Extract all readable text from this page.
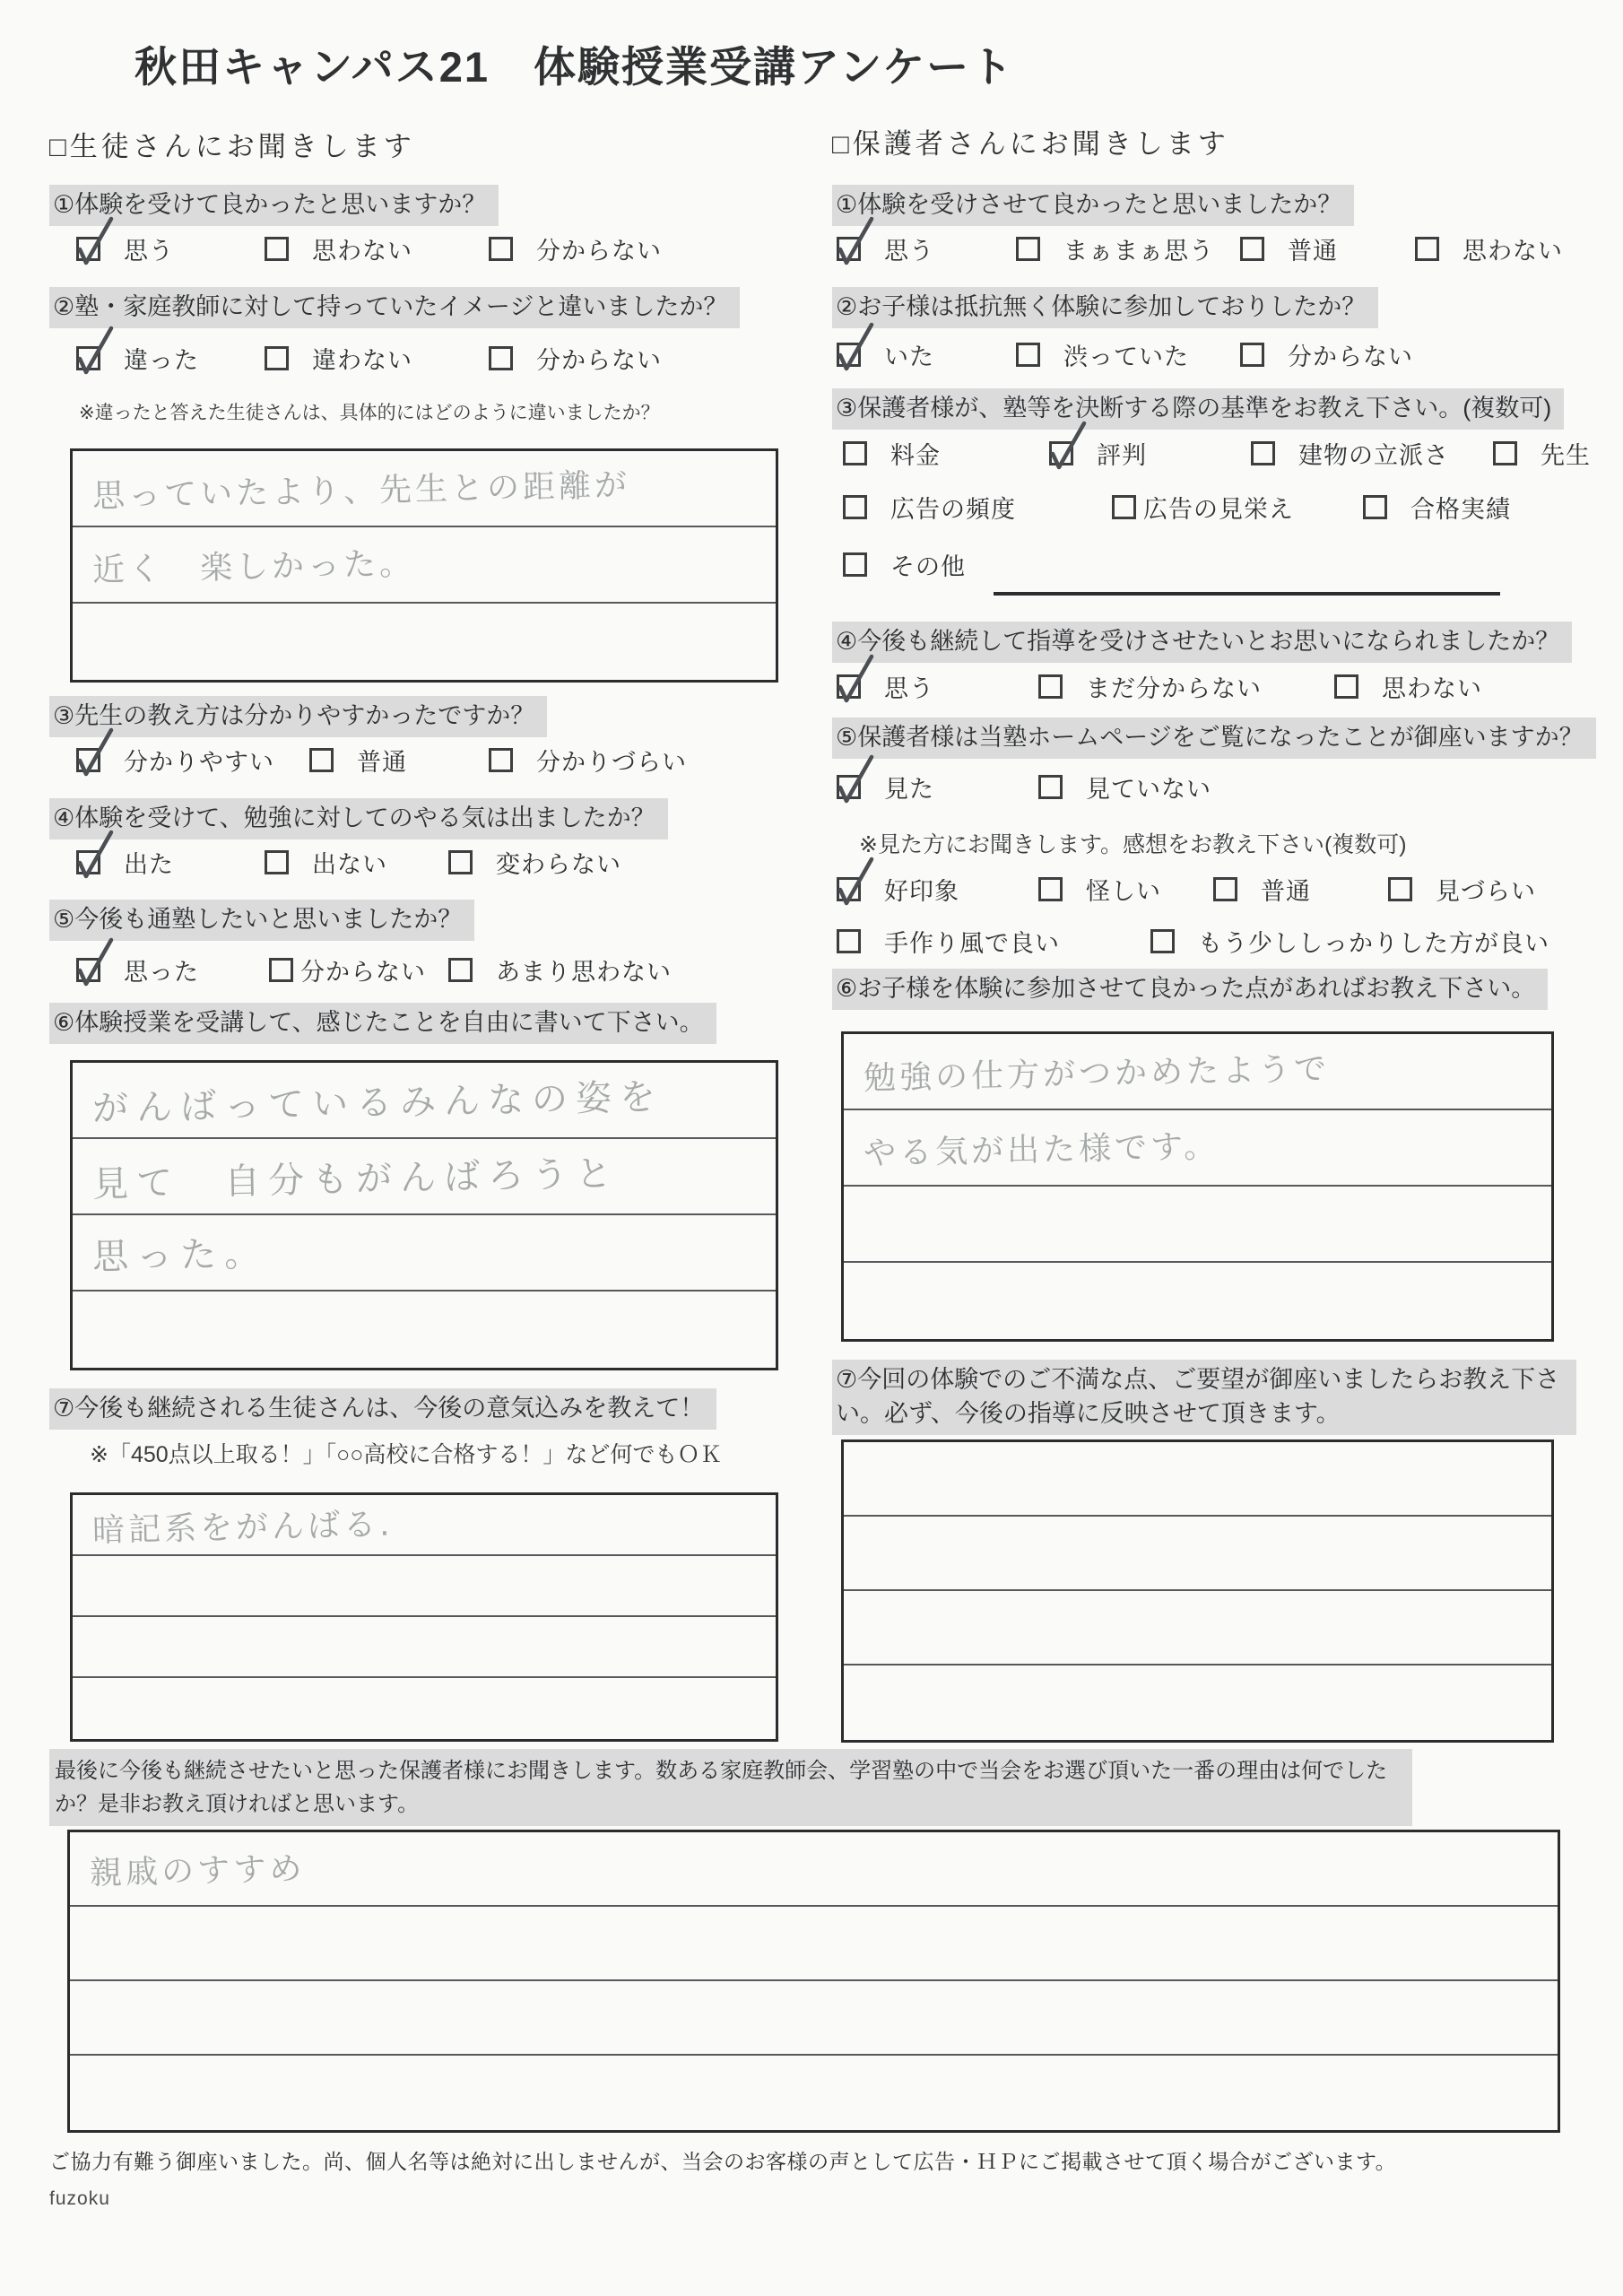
秋田キャンパス21　体験授業受講アンケート
□生徒さんにお聞きします
①体験を受けて良かったと思いますか？
思う	思わない	分からない
②塾・家庭教師に対して持っていたイメージと違いましたか？
違った	違わない	分からない
※違ったと答えた生徒さんは、具体的にはどのように違いましたか？
思っていたより、先生との距離が
近く　楽しかった。
③先生の教え方は分かりやすかったですか？
分かりやすい	普通	分かりづらい
④体験を受けて、勉強に対してのやる気は出ましたか？
出た	出ない	変わらない
⑤今後も通塾したいと思いましたか？
思った	分からない	あまり思わない
⑥体験授業を受講して、感じたことを自由に書いて下さい。
がんばっているみんなの姿を
見て　自分もがんばろうと
思った。
⑦今後も継続される生徒さんは、今後の意気込みを教えて！
※「450点以上取る！」「○○高校に合格する！」など何でもＯＫ
暗記系をがんばる.
□保護者さんにお聞きします
①体験を受けさせて良かったと思いましたか？
思う	まぁまぁ思う	普通	思わない
②お子様は抵抗無く体験に参加しておりしたか？
いた	渋っていた	分からない
③保護者様が、塾等を決断する際の基準をお教え下さい。(複数可)
料金	評判	建物の立派さ	先生
広告の頻度	広告の見栄え	合格実績
その他
④今後も継続して指導を受けさせたいとお思いになられましたか？
思う	まだ分からない	思わない
⑤保護者様は当塾ホームページをご覧になったことが御座いますか？
見た	見ていない
※見た方にお聞きします。感想をお教え下さい(複数可)
好印象	怪しい	普通	見づらい
手作り風で良い	もう少ししっかりした方が良い
⑥お子様を体験に参加させて良かった点があればお教え下さい。
勉強の仕方がつかめたようで
やる気が出た様です。
⑦今回の体験でのご不満な点、ご要望が御座いましたらお教え下さい。必ず、今後の指導に反映させて頂きます。
最後に今後も継続させたいと思った保護者様にお聞きします。数ある家庭教師会、学習塾の中で当会をお選び頂いた一番の理由は何でしたか？是非お教え頂ければと思います。
親戚のすすめ
ご協力有難う御座いました。尚、個人名等は絶対に出しませんが、当会のお客様の声として広告・ＨＰにご掲載させて頂く場合がございます。
fuzoku
